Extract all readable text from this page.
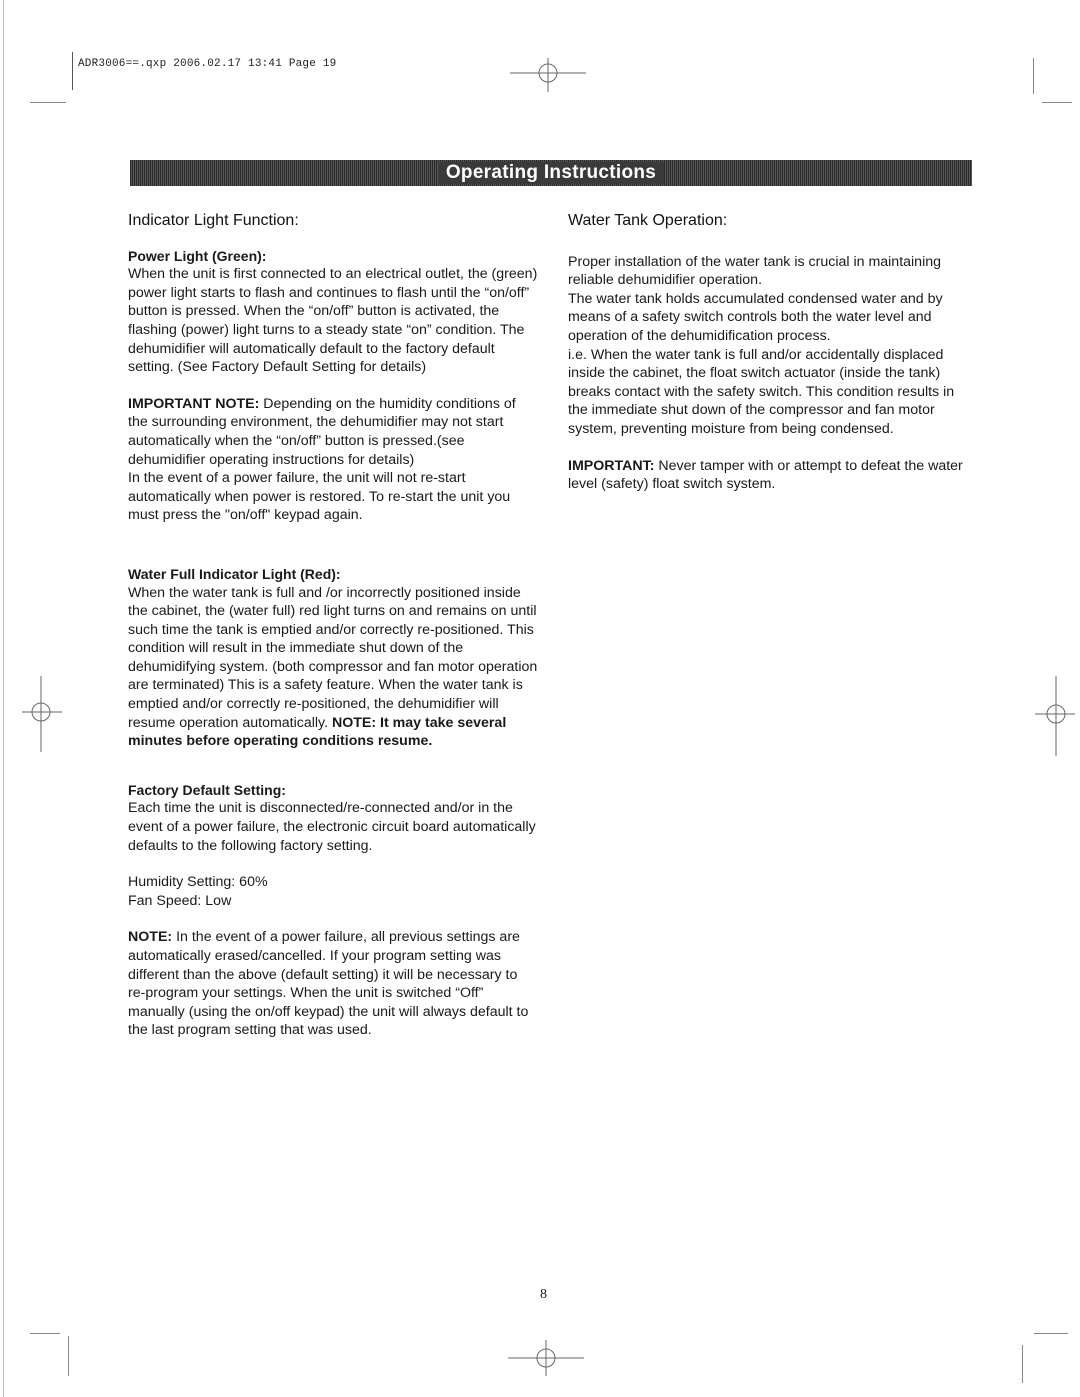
ADR3006==.qxp 2006.02.17 13:41 Page 19
Operating Instructions
Indicator Light Function:

Power Light (Green):

When the unit is first connected to an electrical outlet, the (green) power light starts to flash and continues to flash until the “on/off” button is pressed. When the “on/off” button is activated, the flashing (power) light turns to a steady state “on” condition. The dehumidifier will automatically default to the factory default setting. (See Factory Default Setting for details)

IMPORTANT NOTE: Depending on the humidity conditions of the surrounding environment, the dehumidifier may not start automatically when the “on/off” button is pressed.(see dehumidifier operating instructions for details)

In the event of a power failure, the unit will not re-start automatically when power is restored. To re-start the unit you must press the "on/off" keypad again.

Water Full Indicator Light (Red):

When the water tank is full and /or incorrectly positioned inside the cabinet, the (water full) red light turns on and remains on until such time the tank is emptied and/or correctly re-positioned. This condition will result in the immediate shut down of the dehumidifying system. (both compressor and fan motor operation are terminated) This is a safety feature. When the water tank is emptied and/or correctly re-positioned, the dehumidifier will resume operation automatically. NOTE: It may take several minutes before operating conditions resume.

Factory Default Setting:

Each time the unit is disconnected/re-connected and/or in the event of a power failure, the electronic circuit board automatically defaults to the following factory setting.

Humidity Setting: 60%

Fan Speed: Low

NOTE: In the event of a power failure, all previous settings are automatically erased/cancelled. If your program setting was different than the above (default setting) it will be necessary to re-program your settings. When the unit is switched “Off” manually (using the on/off keypad) the unit will always default to the last program setting that was used.

Water Tank Operation:

Proper installation of the water tank is crucial in maintaining reliable dehumidifier operation.

The water tank holds accumulated condensed water and by means of a safety switch controls both the water level and operation of the dehumidification process.

i.e. When the water tank is full and/or accidentally displaced inside the cabinet, the float switch actuator (inside the tank) breaks contact with the safety switch. This condition results in the immediate shut down of the compressor and fan motor system, preventing moisture from being condensed.

IMPORTANT: Never tamper with or attempt to defeat the water level (safety) float switch system.

8
